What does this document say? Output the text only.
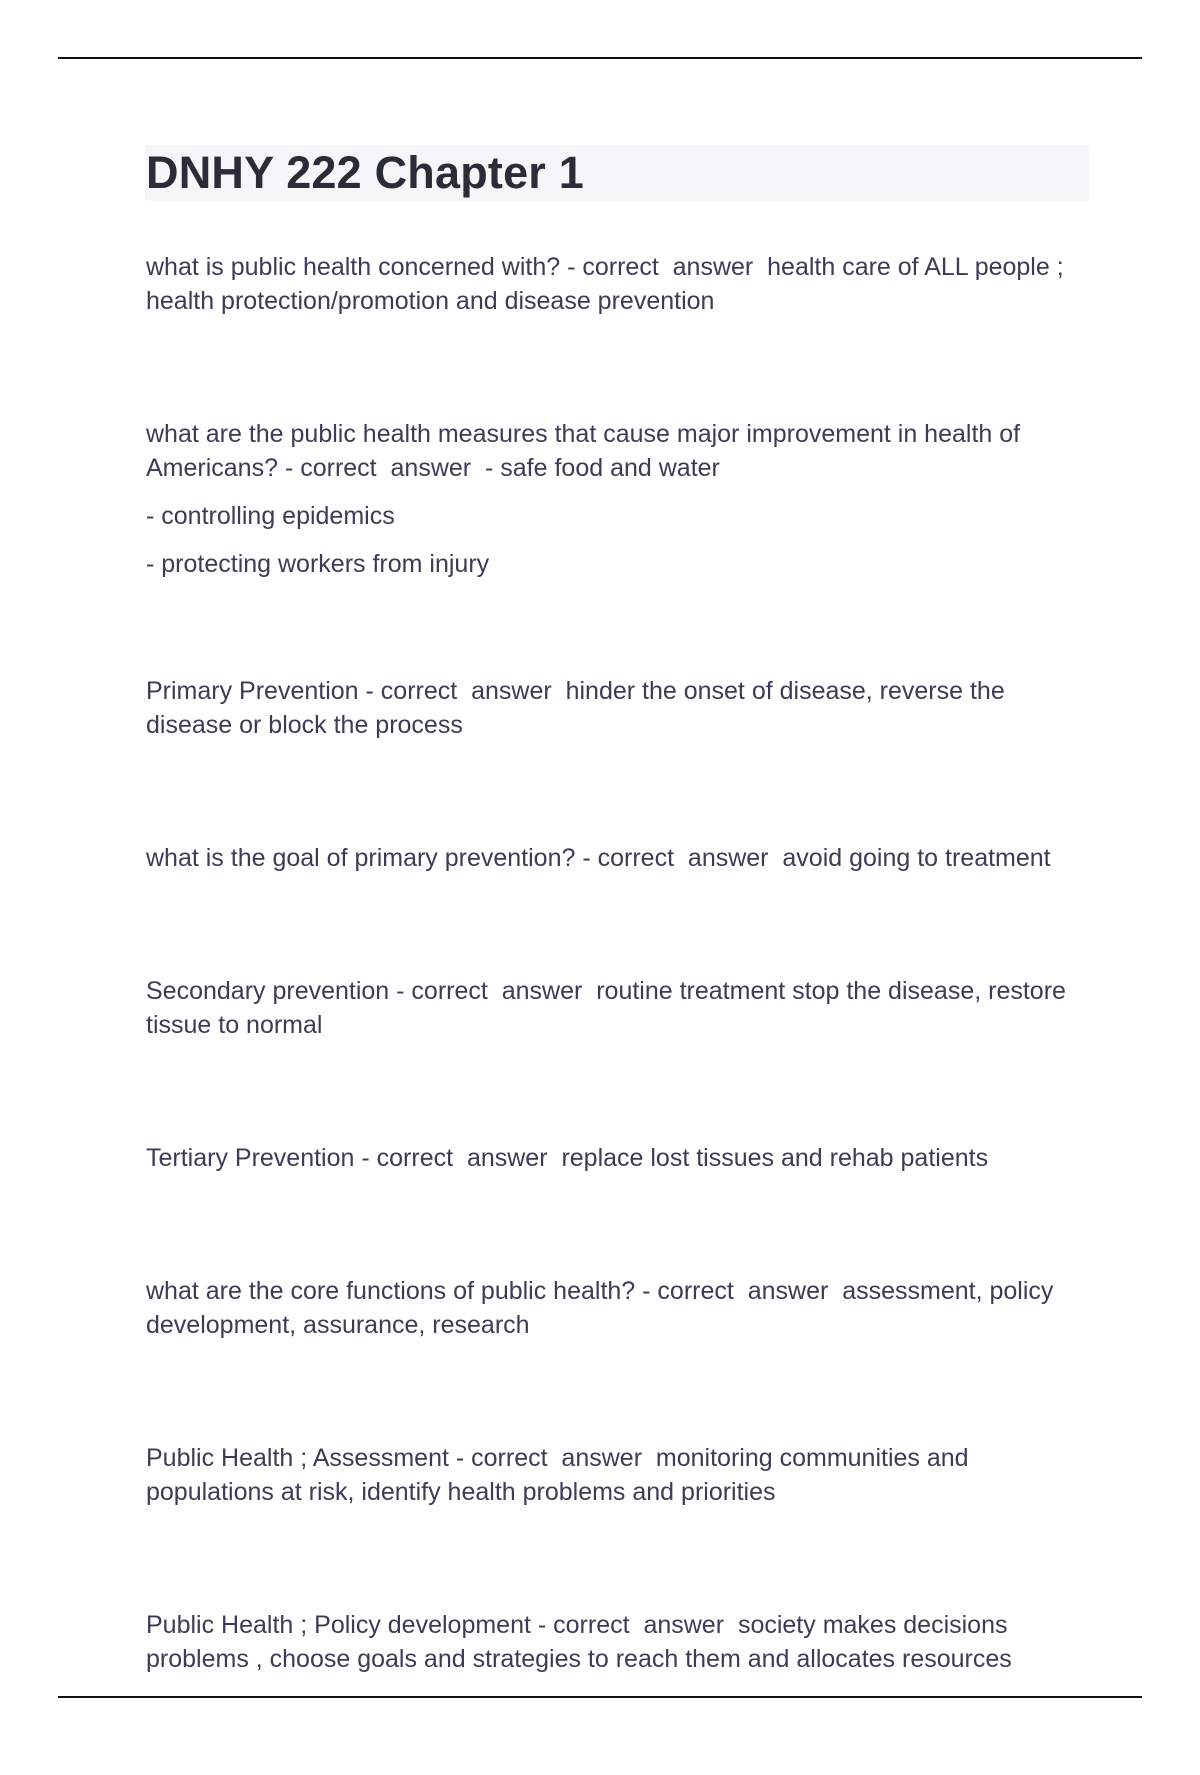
DNHY 222 Chapter 1
what is public health concerned with? - correct  answer  health care of ALL people ; health protection/promotion and disease prevention
what are the public health measures that cause major improvement in health of Americans? - correct  answer  - safe food and water
- controlling epidemics
- protecting workers from injury
Primary Prevention - correct  answer  hinder the onset of disease, reverse the disease or block the process
what is the goal of primary prevention? - correct  answer  avoid going to treatment
Secondary prevention - correct  answer  routine treatment stop the disease, restore tissue to normal
Tertiary Prevention - correct  answer  replace lost tissues and rehab patients
what are the core functions of public health? - correct  answer  assessment, policy development, assurance, research
Public Health ; Assessment - correct  answer  monitoring communities and populations at risk, identify health problems and priorities
Public Health ; Policy development - correct  answer  society makes decisions problems , choose goals and strategies to reach them and allocates resources
